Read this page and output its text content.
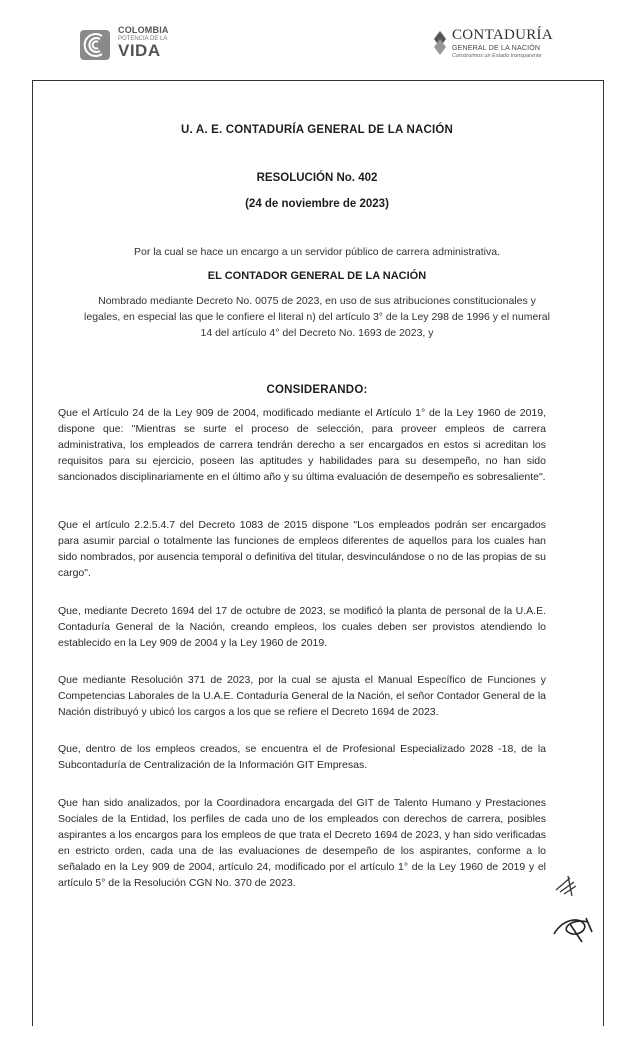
COLOMBIA
POTENCIA DE LA
VIDA
CONTADURÍA
GENERAL DE LA NACIÓN
Construimos un Estado transparente
U. A. E. CONTADURÍA GENERAL DE LA NACIÓN
RESOLUCIÓN No. 402
(24 de noviembre de 2023)
Por la cual se hace un encargo a un servidor público de carrera administrativa.
EL CONTADOR GENERAL DE LA NACIÓN
Nombrado mediante Decreto No. 0075 de 2023, en uso de sus atribuciones constitucionales y legales, en especial las que le confiere el literal n) del artículo 3° de la Ley 298 de 1996 y el numeral 14 del artículo 4° del Decreto No. 1693 de 2023, y
CONSIDERANDO:

Que el Artículo 24 de la Ley 909 de 2004, modificado mediante el Artículo 1° de la Ley 1960 de 2019, dispone que: "Mientras se surte el proceso de selección, para proveer empleos de carrera administrativa, los empleados de carrera tendrán derecho a ser encargados en estos si acreditan los requisitos para su ejercicio, poseen las aptitudes y habilidades para su desempeño, no han sido sancionados disciplinariamente en el último año y su última evaluación de desempeño es sobresaliente".

Que el artículo 2.2.5.4.7 del Decreto 1083 de 2015 dispone "Los empleados podrán ser encargados para asumir parcial o totalmente las funciones de empleos diferentes de aquellos para los cuales han sido nombrados, por ausencia temporal o definitiva del titular, desvinculándose o no de las propias de su cargo".

Que, mediante Decreto 1694 del 17 de octubre de 2023, se modificó la planta de personal de la U.A.E. Contaduría General de la Nación, creando empleos, los cuales deben ser provistos atendiendo lo establecido en la Ley 909 de 2004 y la Ley 1960 de 2019.

Que mediante Resolución 371 de 2023, por la cual se ajusta el Manual Específico de Funciones y Competencias Laborales de la U.A.E. Contaduría General de la Nación, el señor Contador General de la Nación distribuyó y ubicó los cargos a los que se refiere el Decreto 1694 de 2023.

Que, dentro de los empleos creados, se encuentra el de Profesional Especializado 2028 -18, de la Subcontaduría de Centralización de la Información GIT Empresas.

Que han sido analizados, por la Coordinadora encargada del GIT de Talento Humano y Prestaciones Sociales de la Entidad, los perfiles de cada uno de los empleados con derechos de carrera, posibles aspirantes a los encargos para los empleos de que trata el Decreto 1694 de 2023, y han sido verificadas en estricto orden, cada una de las evaluaciones de desempeño de los aspirantes, conforme a lo señalado en la Ley 909 de 2004, artículo 24, modificado por el artículo 1° de la Ley 1960 de 2019 y el artículo 5° de la Resolución CGN No. 370 de 2023.
